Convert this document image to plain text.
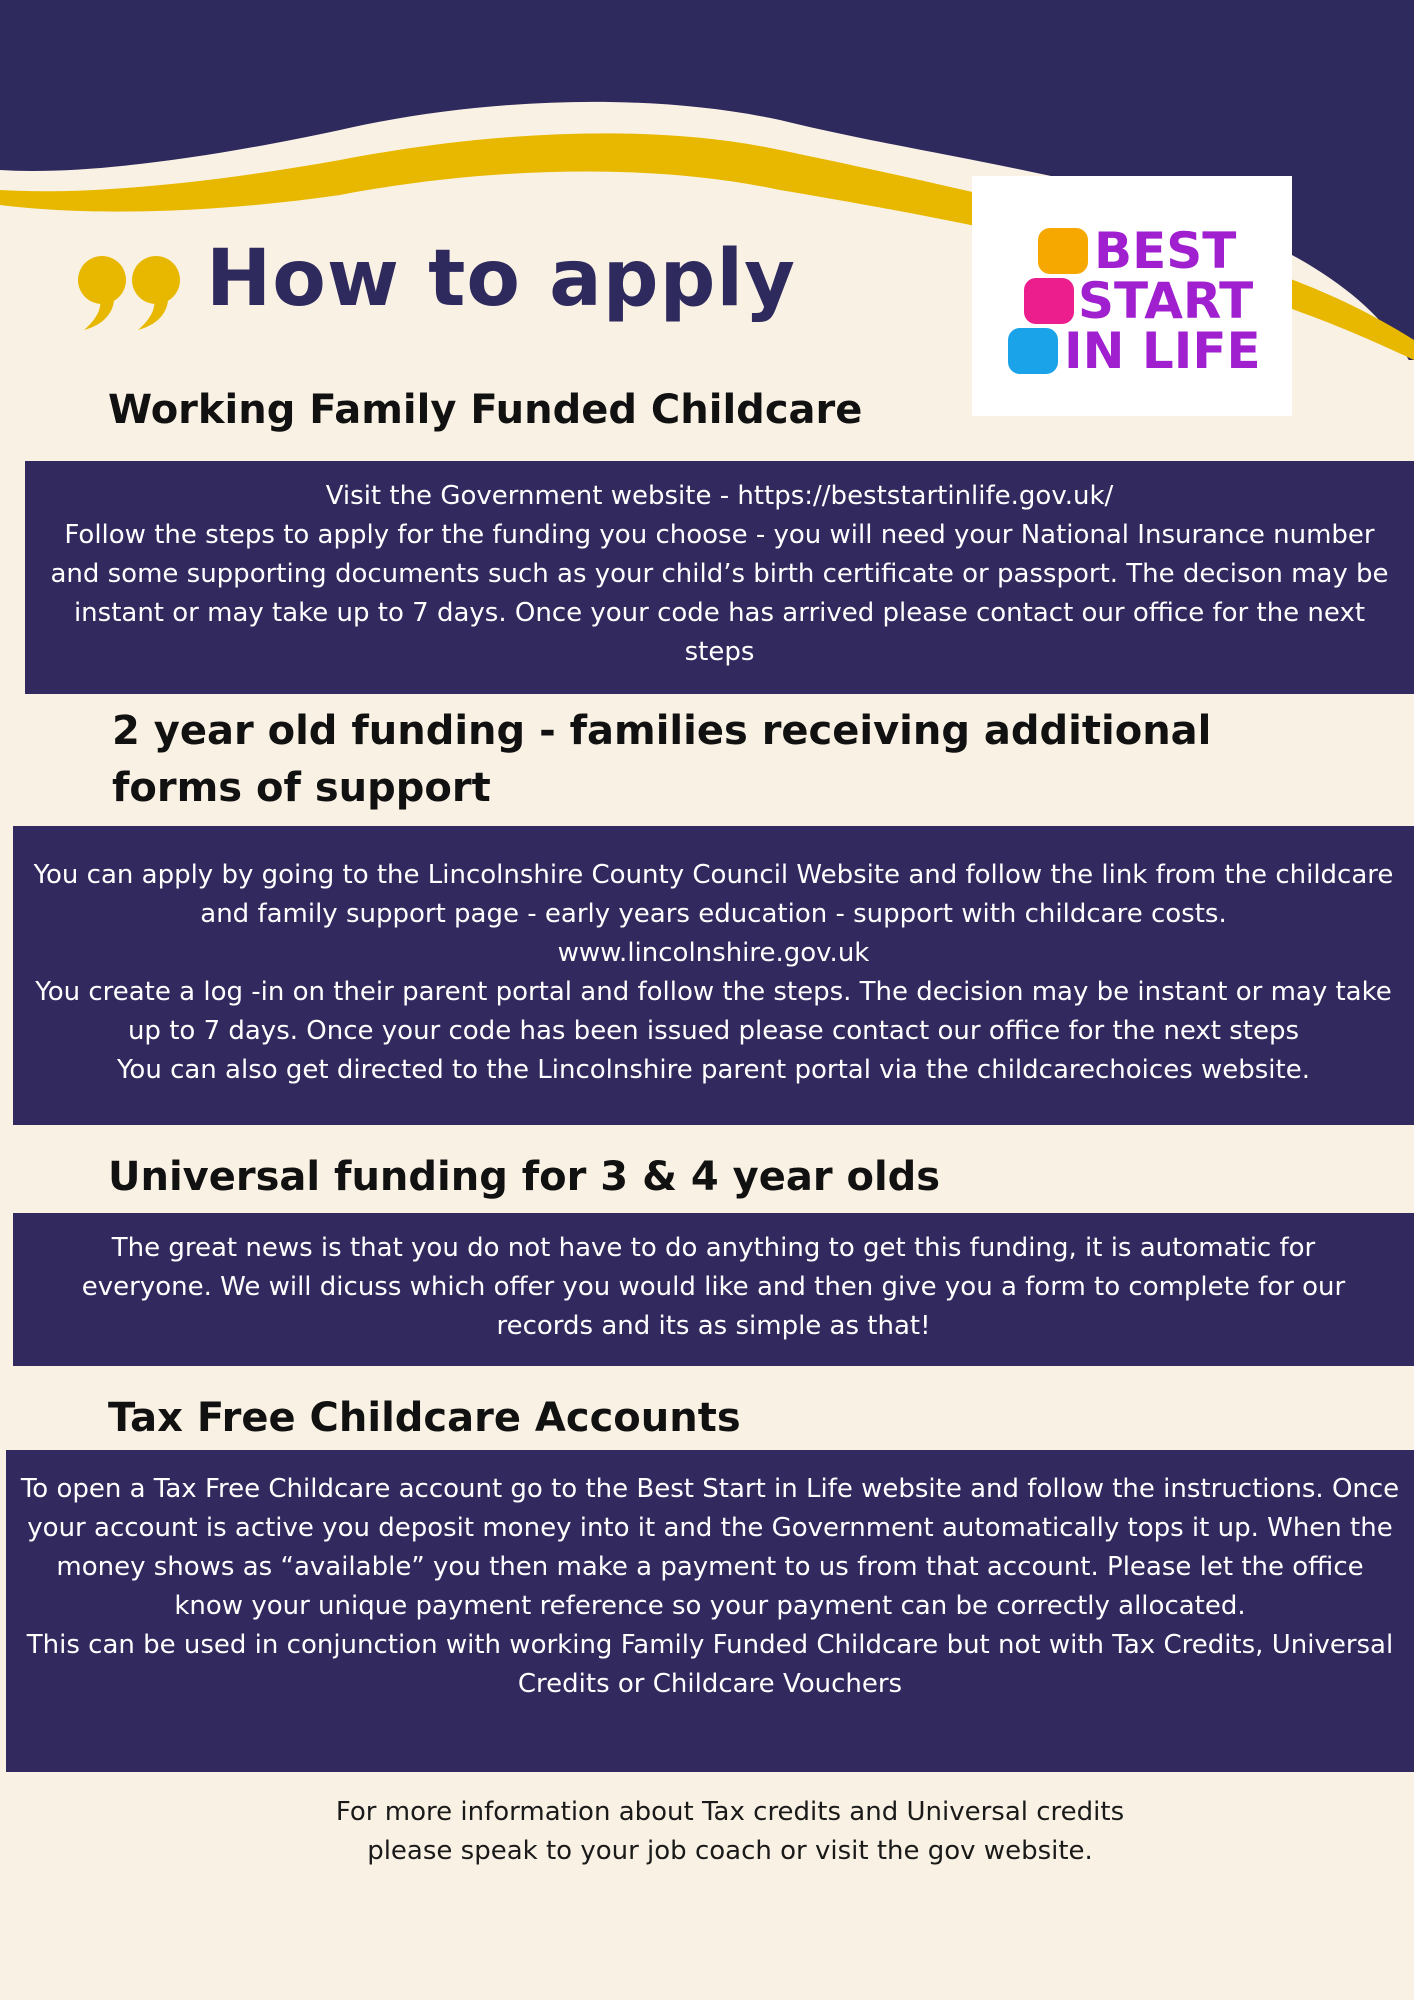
BEST
START
IN LIFE
How to apply
Working Family Funded Childcare

Visit the Government website - https://beststartinlife.gov.uk/
Follow the steps to apply for the funding you choose - you will need your National Insurance number and some supporting documents such as your child’s birth certificate or passport. The decison may be instant or may take up to 7 days. Once your code has arrived please contact our office for the next steps

2 year old funding - families receiving additional forms of support

You can apply by going to the Lincolnshire County Council Website and follow the link from the childcare and family support page - early years education - support with childcare costs.
www.lincolnshire.gov.uk
You create a log -in on their parent portal and follow the steps. The decision may be instant or may take up to 7 days. Once your code has been issued please contact our office for the next steps
You can also get directed to the Lincolnshire parent portal via the childcarechoices website.

Universal funding for 3 & 4 year olds

The great news is that you do not have to do anything to get this funding, it is automatic for everyone. We will dicuss which offer you would like and then give you a form to complete for our records and its as simple as that!

Tax Free Childcare Accounts

To open a Tax Free Childcare account go to the Best Start in Life website and follow the instructions. Once your account is active you deposit money into it and the Government automatically tops it up. When the money shows as “available” you then make a payment to us from that account. Please let the office know your unique payment reference so your payment can be correctly allocated.
This can be used in conjunction with working Family Funded Childcare but not with Tax Credits, Universal Credits or Childcare Vouchers

For more information about Tax credits and Universal credits
please speak to your job coach or visit the gov website.
